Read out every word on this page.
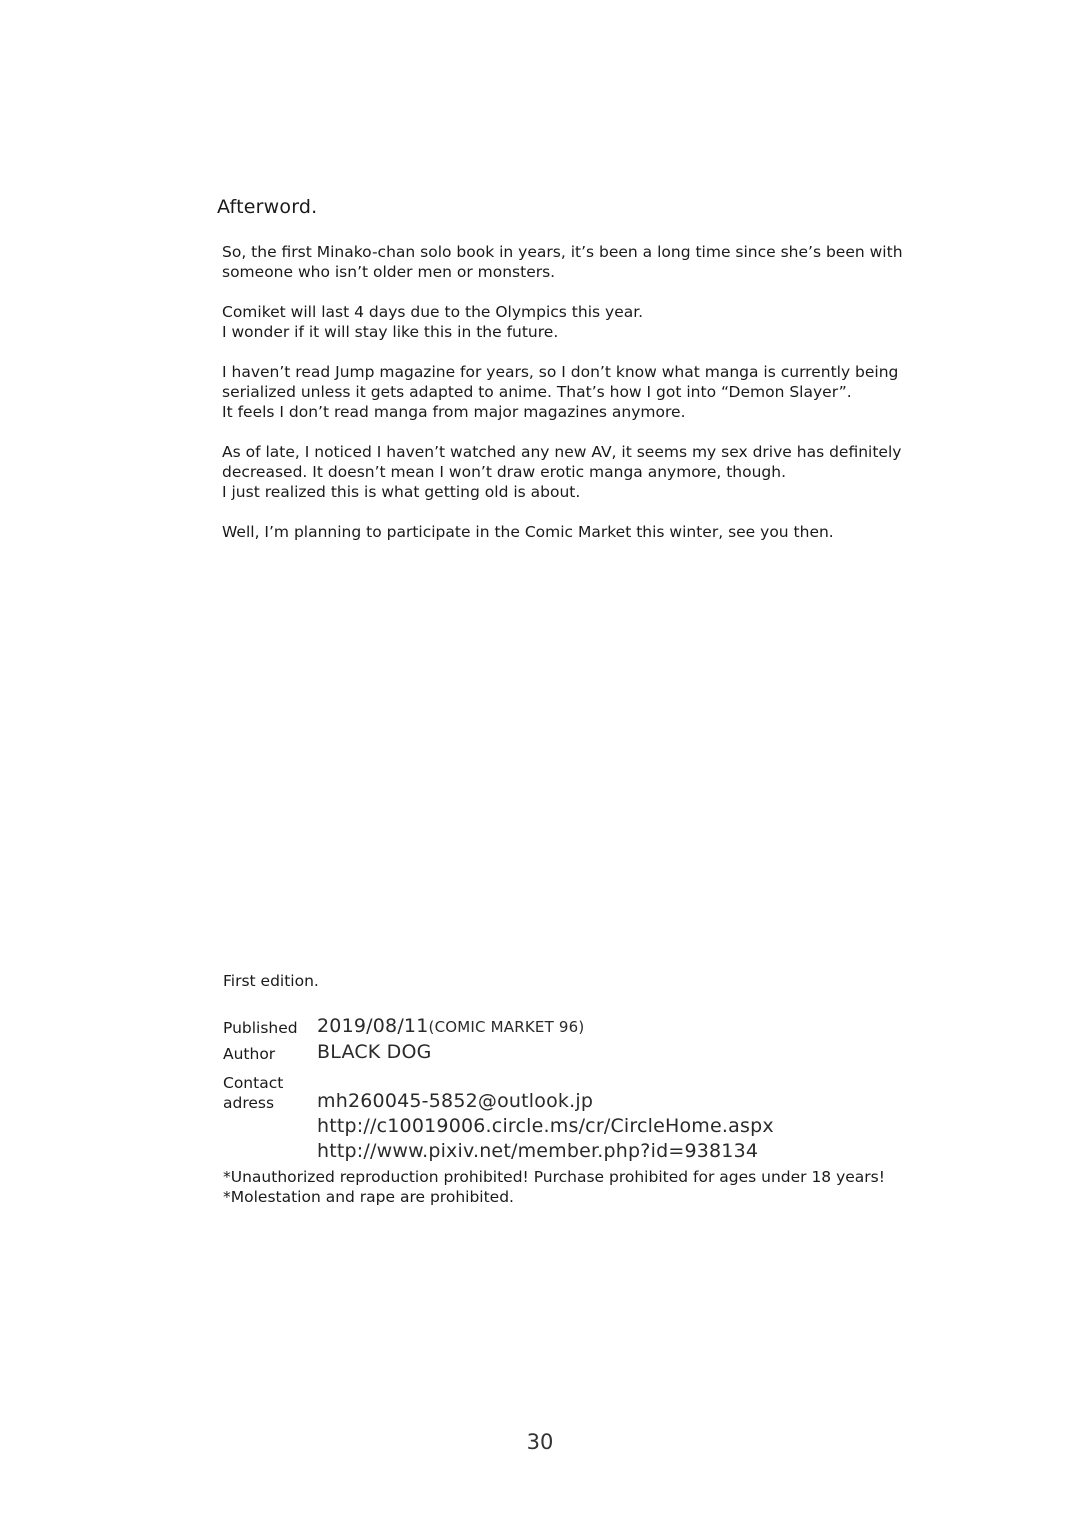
Afterword.

So, the first Minako-chan solo book in years, it’s been a long time since she’s been with
someone who isn’t older men or monsters.

Comiket will last 4 days due to the Olympics this year.
I wonder if it will stay like this in the future.

I haven’t read Jump magazine for years, so I don’t know what manga is currently being
serialized unless it gets adapted to anime. That’s how I got into “Demon Slayer”.
It feels I don’t read manga from major magazines anymore.

As of late, I noticed I haven’t watched any new AV, it seems my sex drive has definitely
decreased. It doesn’t mean I won’t draw erotic manga anymore, though.
I just realized this is what getting old is about.

Well, I’m planning to participate in the Comic Market this winter, see you then.

First edition.
Published 2019/08/11(COMIC MARKET 96)
Author BLACK DOG
Contact
adress mh260045-5852@outlook.jp
http://c10019006.circle.ms/cr/CircleHome.aspx
http://www.pixiv.net/member.php?id=938134
*Unauthorized reproduction prohibited! Purchase prohibited for ages under 18 years!
*Molestation and rape are prohibited.
30
